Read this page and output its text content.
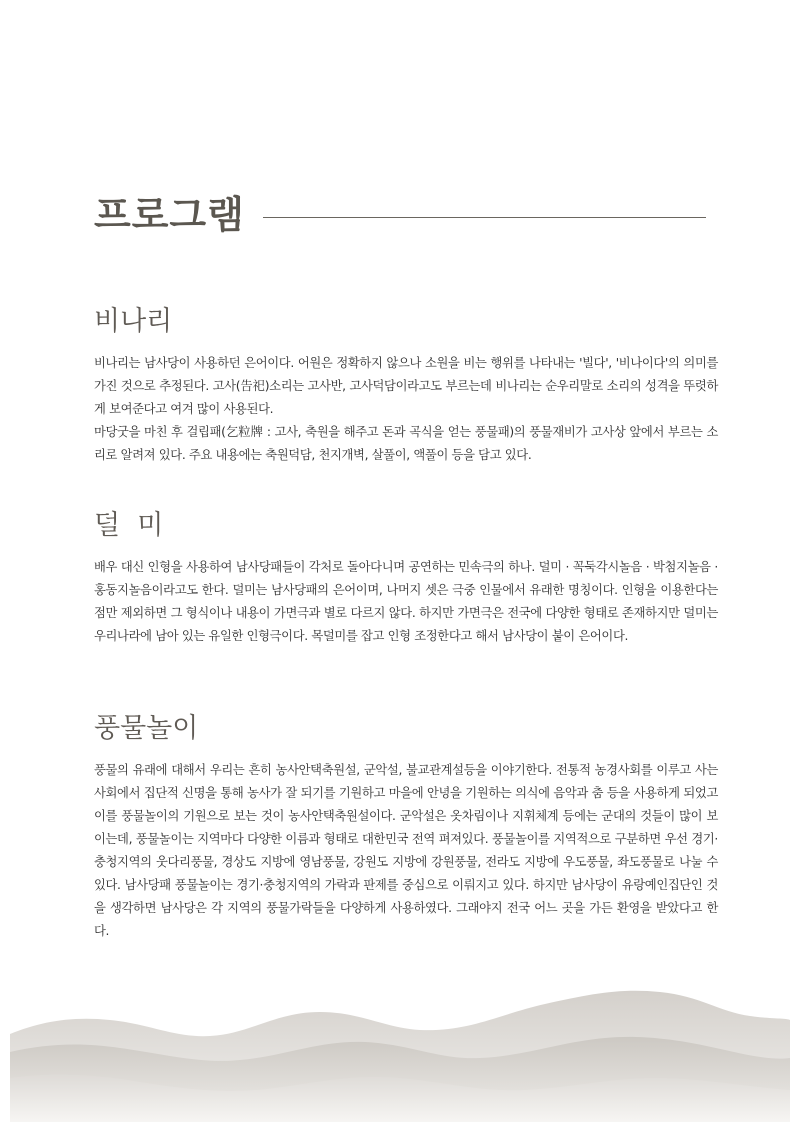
프로그램
비나리

비나리는 남사당이 사용하던 은어이다. 어원은 정확하지 않으나 소원을 비는 행위를 나타내는 '빌다', '비나이다'의 의미를 가진 것으로 추정된다. 고사(告祀)소리는 고사반, 고사덕담이라고도 부르는데 비나리는 순우리말로 소리의 성격을 뚜렷하게 보여준다고 여겨 많이 사용된다.

마당굿을 마친 후 걸립패(乞粒牌 : 고사, 축원을 해주고 돈과 곡식을 얻는 풍물패)의 풍물재비가 고사상 앞에서 부르는 소리로 알려져 있다. 주요 내용에는 축원덕담, 천지개벽, 살풀이, 액풀이 등을 담고 있다.

덜  미

배우 대신 인형을 사용하여 남사당패들이 각처로 돌아다니며 공연하는 민속극의 하나. 덜미 · 꼭둑각시놀음 · 박첨지놀음 · 홍동지놀음이라고도 한다. 덜미는 남사당패의 은어이며, 나머지 셋은 극중 인물에서 유래한 명칭이다. 인형을 이용한다는 점만 제외하면 그 형식이나 내용이 가면극과 별로 다르지 않다. 하지만 가면극은 전국에 다양한 형태로 존재하지만 덜미는 우리나라에 남아 있는 유일한 인형극이다. 목덜미를 잡고 인형 조정한다고 해서 남사당이 붙이 은어이다.

풍물놀이

풍물의 유래에 대해서 우리는 흔히 농사안택축원설, 군악설, 불교관계설등을 이야기한다. 전통적 농경사회를 이루고 사는 사회에서 집단적 신명을 통해 농사가 잘 되기를 기원하고 마을에 안녕을 기원하는 의식에 음악과 춤 등을 사용하게 되었고 이를 풍물놀이의 기원으로 보는 것이 농사안택축원설이다. 군악설은 옷차림이나 지휘체계 등에는 군대의 것들이 많이 보이는데, 풍물놀이는 지역마다 다양한 이름과 형태로 대한민국 전역 펴져있다. 풍물놀이를 지역적으로 구분하면 우선 경기·충청지역의 웃다리풍물, 경상도 지방에 영남풍물, 강원도 지방에 강원풍물, 전라도 지방에 우도풍물, 좌도풍물로 나눌 수 있다. 남사당패 풍물놀이는 경기·충청지역의 가락과 판제를 중심으로 이뤄지고 있다. 하지만 남사당이 유랑예인집단인 것을 생각하면 남사당은 각 지역의 풍물가락들을 다양하게 사용하였다. 그래야지 전국 어느 곳을 가든 환영을 받았다고 한다.
